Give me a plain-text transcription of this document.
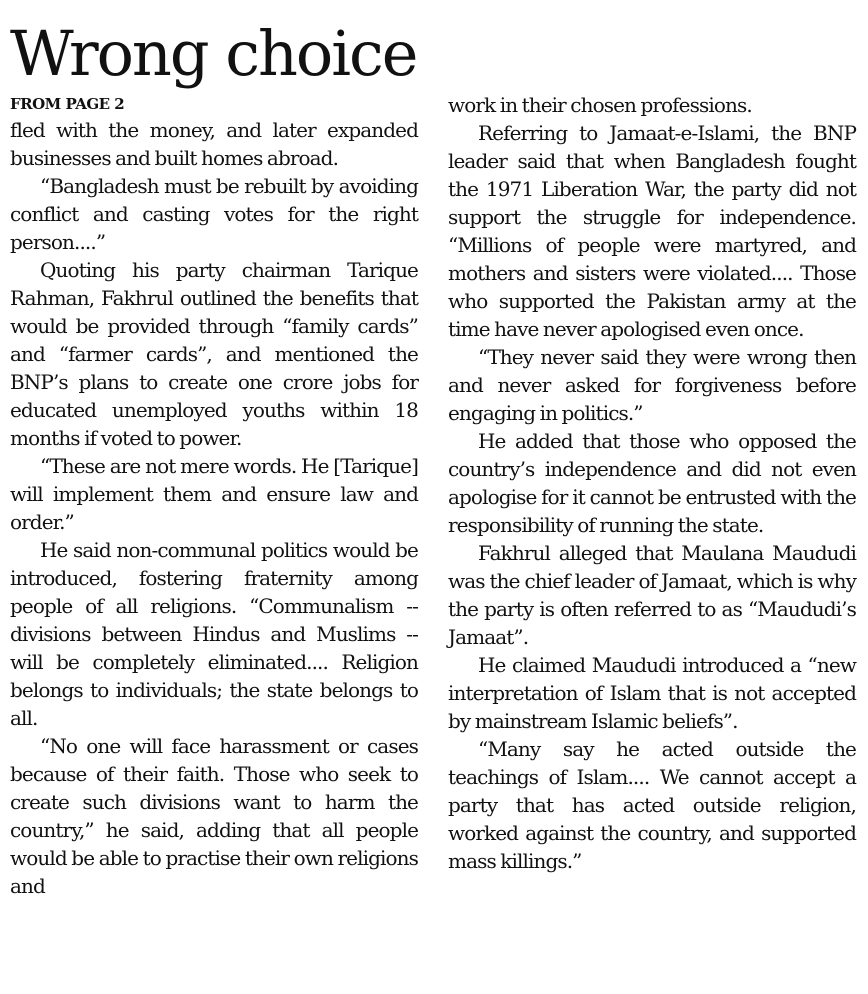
Wrong choice
FROM PAGE 2

fled with the money, and later expanded businesses and built homes abroad.

“Bangladesh must be rebuilt by avoiding conflict and casting votes for the right person....”

Quoting his party chairman Tarique Rahman, Fakhrul outlined the benefits that would be provided through “family cards” and “farmer cards”, and mentioned the BNP’s plans to create one crore jobs for educated unemployed youths within 18 months if voted to power.

“These are not mere words. He [Tarique] will implement them and ensure law and order.”

He said non-communal politics would be introduced, fostering fraternity among people of all religions. “Communalism -- divisions between Hindus and Muslims -- will be completely eliminated.... Religion belongs to individuals; the state belongs to all.

“No one will face harassment or cases because of their faith. Those who seek to create such divisions want to harm the country,” he said, adding that all people would be able to practise their own religions and

work in their chosen professions.

Referring to Jamaat-e-Islami, the BNP leader said that when Bangladesh fought the 1971 Liberation War, the party did not support the struggle for independence. “Millions of people were martyred, and mothers and sisters were violated.... Those who supported the Pakistan army at the time have never apologised even once.

“They never said they were wrong then and never asked for forgiveness before engaging in politics.”

He added that those who opposed the country’s independence and did not even apologise for it cannot be entrusted with the responsibility of running the state.

Fakhrul alleged that Maulana Maududi was the chief leader of Jamaat, which is why the party is often referred to as “Maududi’s Jamaat”.

He claimed Maududi introduced a “new interpretation of Islam that is not accepted by mainstream Islamic beliefs”.

“Many say he acted outside the teachings of Islam.... We cannot accept a party that has acted outside religion, worked against the country, and supported mass killings.”
